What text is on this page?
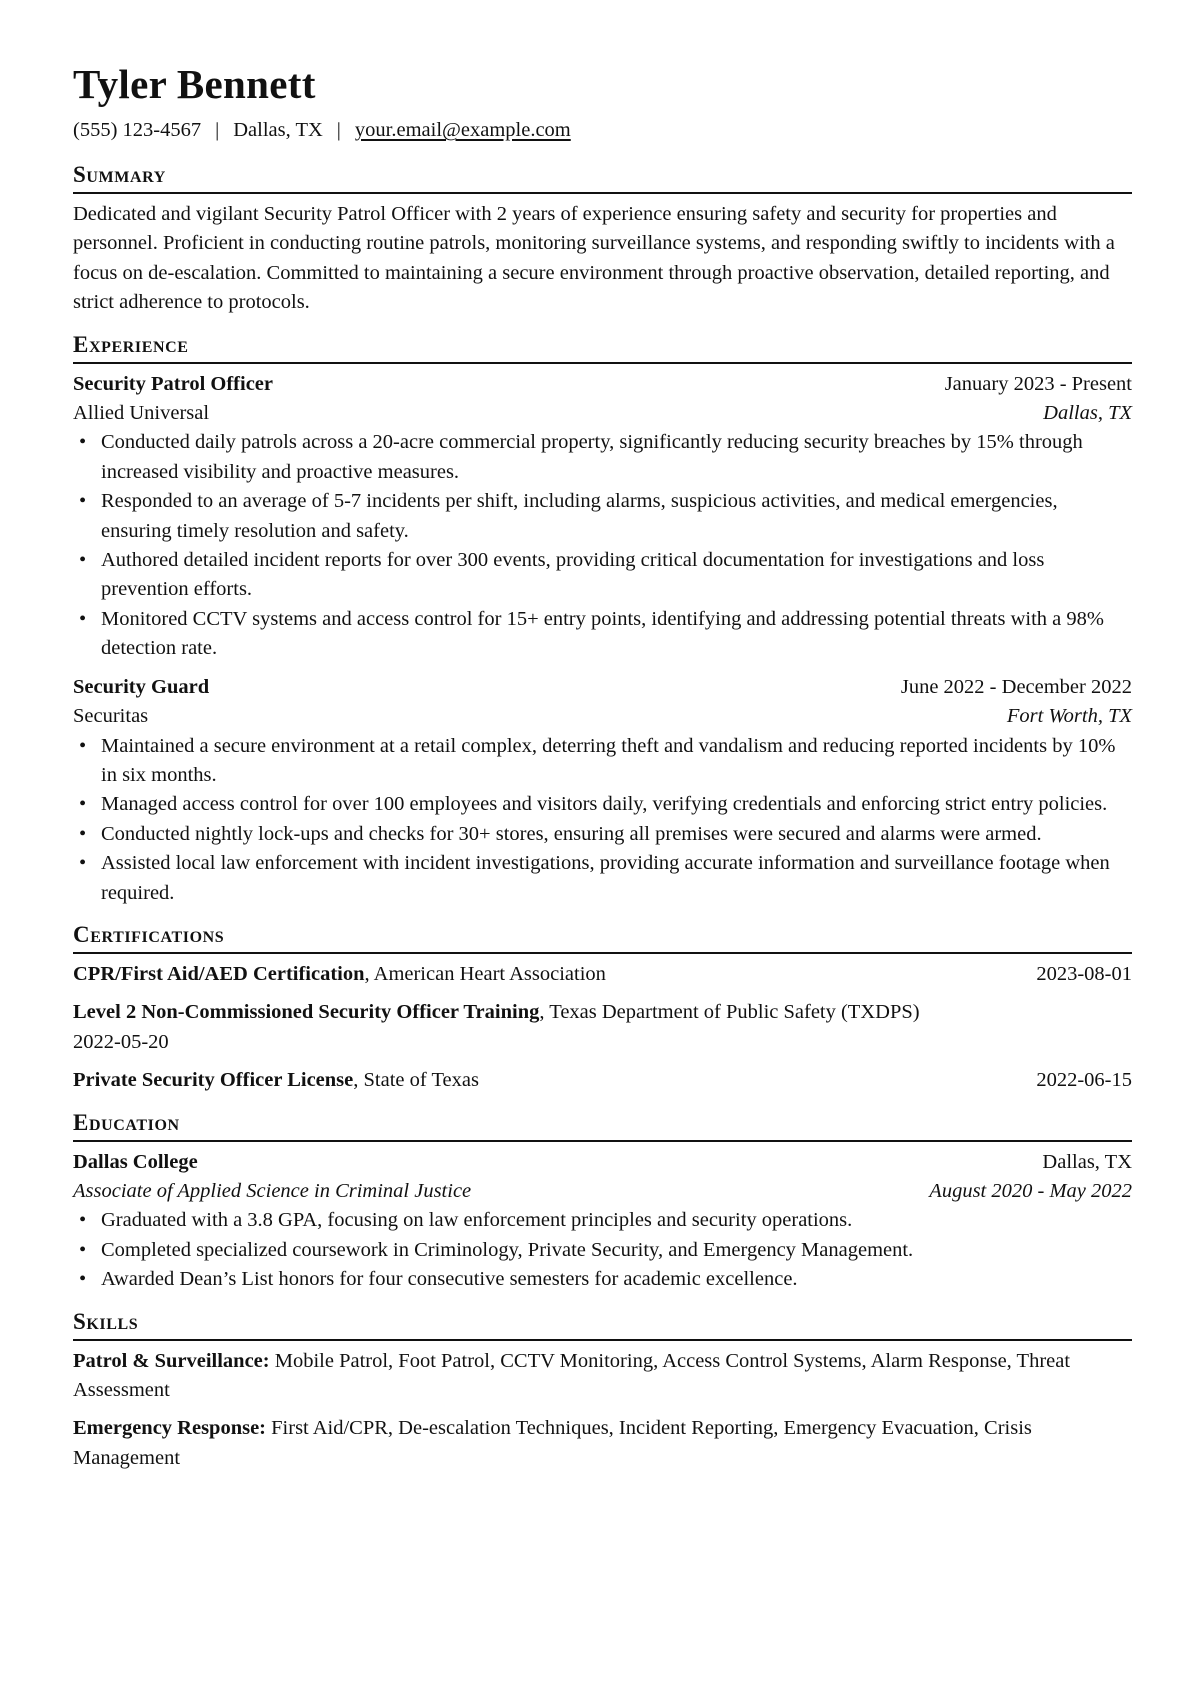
Tyler Bennett
(555) 123-4567 | Dallas, TX | your.email@example.com
Summary
Dedicated and vigilant Security Patrol Officer with 2 years of experience ensuring safety and security for properties and personnel. Proficient in conducting routine patrols, monitoring surveillance systems, and responding swiftly to incidents with a focus on de-escalation. Committed to maintaining a secure environment through proactive observation, detailed reporting, and strict adherence to protocols.
Experience
Security Patrol Officer	January 2023 - Present
Allied Universal	Dallas, TX
• Conducted daily patrols across a 20-acre commercial property, significantly reducing security breaches by 15% through increased visibility and proactive measures.
• Responded to an average of 5-7 incidents per shift, including alarms, suspicious activities, and medical emergencies, ensuring timely resolution and safety.
• Authored detailed incident reports for over 300 events, providing critical documentation for investigations and loss prevention efforts.
• Monitored CCTV systems and access control for 15+ entry points, identifying and addressing potential threats with a 98% detection rate.
Security Guard	June 2022 - December 2022
Securitas	Fort Worth, TX
• Maintained a secure environment at a retail complex, deterring theft and vandalism and reducing reported incidents by 10% in six months.
• Managed access control for over 100 employees and visitors daily, verifying credentials and enforcing strict entry policies.
• Conducted nightly lock-ups and checks for 30+ stores, ensuring all premises were secured and alarms were armed.
• Assisted local law enforcement with incident investigations, providing accurate information and surveillance footage when required.
Certifications
CPR/First Aid/AED Certification, American Heart Association	2023-08-01
Level 2 Non-Commissioned Security Officer Training, Texas Department of Public Safety (TXDPS)
2022-05-20
Private Security Officer License, State of Texas	2022-06-15
Education
Dallas College	Dallas, TX
Associate of Applied Science in Criminal Justice	August 2020 - May 2022
• Graduated with a 3.8 GPA, focusing on law enforcement principles and security operations.
• Completed specialized coursework in Criminology, Private Security, and Emergency Management.
• Awarded Dean’s List honors for four consecutive semesters for academic excellence.
Skills
Patrol & Surveillance: Mobile Patrol, Foot Patrol, CCTV Monitoring, Access Control Systems, Alarm Response, Threat Assessment
Emergency Response: First Aid/CPR, De-escalation Techniques, Incident Reporting, Emergency Evacuation, Crisis Management
